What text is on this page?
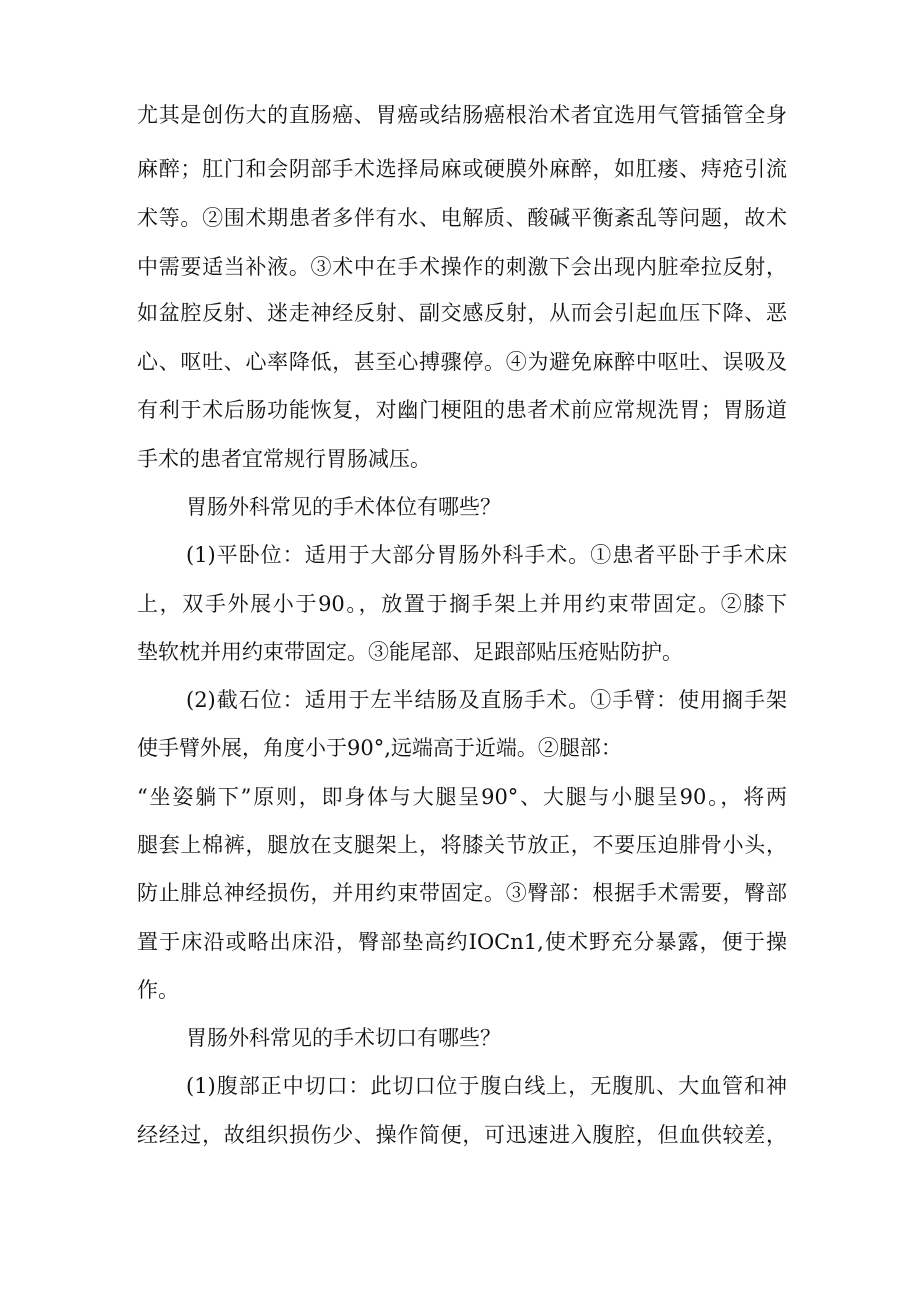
尤其是创伤大的直肠癌、胃癌或结肠癌根治术者宜选用气管插管全身
麻醉；肛门和会阴部手术选择局麻或硬膜外麻醉，如肛瘘、痔疮引流
术等。②围术期患者多伴有水、电解质、酸碱平衡紊乱等问题，故术
中需要适当补液。③术中在手术操作的刺激下会出现内脏牵拉反射，
如盆腔反射、迷走神经反射、副交感反射，从而会引起血压下降、恶
心、呕吐、心率降低，甚至心搏骤停。④为避免麻醉中呕吐、误吸及
有利于术后肠功能恢复，对幽门梗阻的患者术前应常规洗胃；胃肠道
手术的患者宜常规行胃肠减压。
胃肠外科常见的手术体位有哪些？
(1)平卧位：适用于大部分胃肠外科手术。①患者平卧于手术床
上，双手外展小于90。，放置于搁手架上并用约束带固定。②膝下
垫软枕并用约束带固定。③能尾部、足跟部贴压疮贴防护。
(2)截石位：适用于左半结肠及直肠手术。①手臂：使用搁手架
使手臂外展，角度小于90°,远端高于近端。②腿部：
“坐姿躺下”原则，即身体与大腿呈90°、大腿与小腿呈90。，将两
腿套上棉裤，腿放在支腿架上，将膝关节放正，不要压迫腓骨小头，
防止腓总神经损伤，并用约束带固定。③臀部：根据手术需要，臀部
置于床沿或略出床沿，臀部垫高约IOCn1,使术野充分暴露，便于操
作。
胃肠外科常见的手术切口有哪些？
(1)腹部正中切口：此切口位于腹白线上，无腹肌、大血管和神
经经过，故组织损伤少、操作简便，可迅速进入腹腔，但血供较差，
